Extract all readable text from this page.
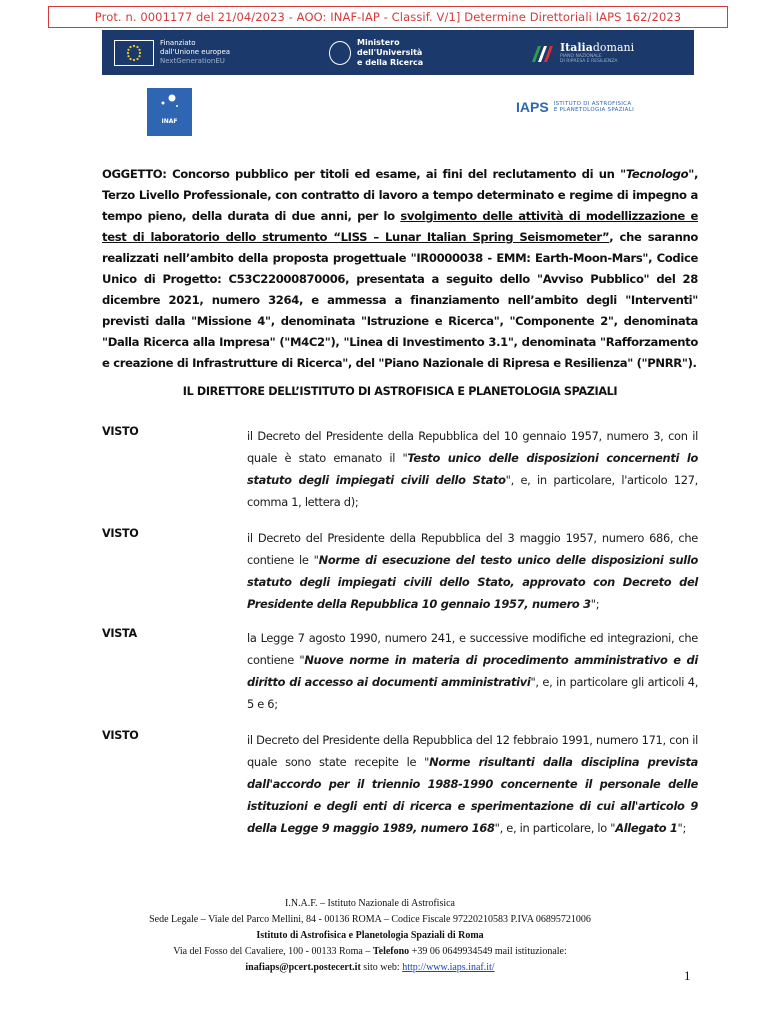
Prot. n. 0001177 del 21/04/2023 - AOO: INAF-IAP - Classif. V/1] Determine Direttoriali IAPS 162/2023
Finanziato
dall'Unione europea
NextGenerationEU
Ministero
dell'Università
e della Ricerca
Italiadomani
PIANO NAZIONALE
DI RIPRESA E RESILIENZA
INAF
IAPS ISTITUTO DI ASTROFISICA
E PLANETOLOGIA SPAZIALI
OGGETTO: Concorso pubblico per titoli ed esame, ai fini del reclutamento di un "Tecnologo", Terzo Livello Professionale, con contratto di lavoro a tempo determinato e regime di impegno a tempo pieno, della durata di due anni, per lo svolgimento delle attività di modellizzazione e test di laboratorio dello strumento “LISS – Lunar Italian Spring Seismometer”, che saranno realizzati nell’ambito della proposta progettuale "IR0000038 - EMM: Earth-Moon-Mars", Codice Unico di Progetto: C53C22000870006, presentata a seguito dello "Avviso Pubblico" del 28 dicembre 2021, numero 3264, e ammessa a finanziamento nell’ambito degli "Interventi" previsti dalla "Missione 4", denominata "Istruzione e Ricerca", "Componente 2", denominata "Dalla Ricerca alla Impresa" ("M4C2"), "Linea di Investimento 3.1", denominata "Rafforzamento e creazione di Infrastrutture di Ricerca", del "Piano Nazionale di Ripresa e Resilienza" ("PNRR").
IL DIRETTORE DELL’ISTITUTO DI ASTROFISICA E PLANETOLOGIA SPAZIALI
VISTO	il Decreto del Presidente della Repubblica del 10 gennaio 1957, numero 3, con il quale è stato emanato il "Testo unico delle disposizioni concernenti lo statuto degli impiegati civili dello Stato", e, in particolare, l'articolo 127, comma 1, lettera d);
VISTO	il Decreto del Presidente della Repubblica del 3 maggio 1957, numero 686, che contiene le "Norme di esecuzione del testo unico delle disposizioni sullo statuto degli impiegati civili dello Stato, approvato con Decreto del Presidente della Repubblica 10 gennaio 1957, numero 3";
VISTA	la Legge 7 agosto 1990, numero 241, e successive modifiche ed integrazioni, che contiene "Nuove norme in materia di procedimento amministrativo e di diritto di accesso ai documenti amministrativi", e, in particolare gli articoli 4, 5 e 6;
VISTO	il Decreto del Presidente della Repubblica del 12 febbraio 1991, numero 171, con il quale sono state recepite le "Norme risultanti dalla disciplina prevista dall'accordo per il triennio 1988-1990 concernente il personale delle istituzioni e degli enti di ricerca e sperimentazione di cui all'articolo 9 della Legge 9 maggio 1989, numero 168", e, in particolare, lo "Allegato 1";
I.N.A.F. – Istituto Nazionale di Astrofisica
Sede Legale – Viale del Parco Mellini, 84 - 00136 ROMA – Codice Fiscale 97220210583 P.IVA 06895721006
Istituto di Astrofisica e Planetologia Spaziali di Roma
Via del Fosso del Cavaliere, 100 - 00133 Roma – Telefono +39 06 0649934549 mail istituzionale:
inafiaps@pcert.postecert.it sito web: http://www.iaps.inaf.it/
1
